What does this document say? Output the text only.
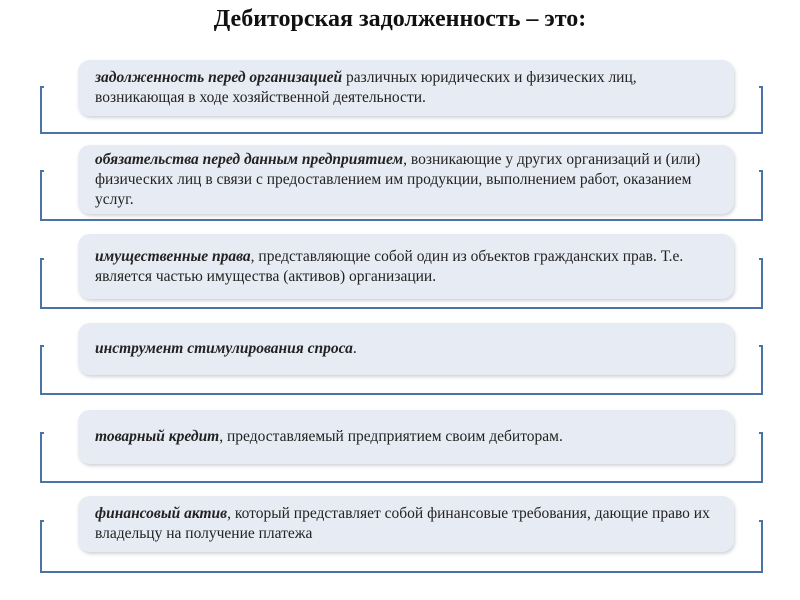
Дебиторская задолженность – это:
задолженность перед организацией различных юридических и физических лиц, возникающая в ходе хозяйственной деятельности.
обязательства перед данным предприятием, возникающие у других организаций и (или) физических лиц в связи с предоставлением им продукции, выполнением работ, оказанием услуг.
имущественные права, представляющие собой один из объектов гражданских прав. Т.е. является частью имущества (активов) организации.
инструмент стимулирования спроса.
товарный кредит, предоставляемый предприятием своим дебиторам.
финансовый актив, который представляет собой финансовые требования, дающие право их владельцу на получение платежа
